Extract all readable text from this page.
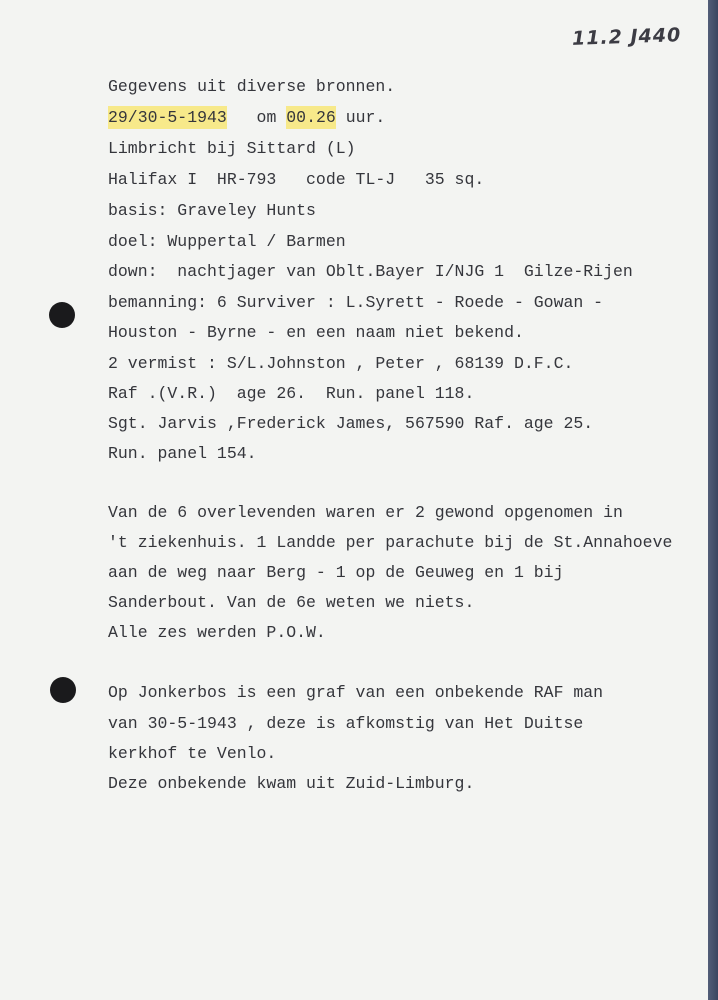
11.2 J440
Gegevens uit diverse bronnen.
29/30-5-1943 om 00.26 uur.
Limbricht bij Sittard (L)
Halifax I  HR-793   code TL-J   35 sq.
basis: Graveley Hunts
doel: Wuppertal / Barmen
down:  nachtjager van Oblt.Bayer I/NJG 1  Gilze-Rijen
bemanning: 6 Surviver : L.Syrett - Roede - Gowan -
Houston - Byrne - en een naam niet bekend.
2 vermist : S/L.Johnston , Peter , 68139 D.F.C.
Raf .(V.R.)  age 26.  Run. panel 118.
Sgt. Jarvis ,Frederick James, 567590 Raf. age 25.
Run. panel 154.
Van de 6 overlevenden waren er 2 gewond opgenomen in
't ziekenhuis. 1 Landde per parachute bij de St.Annahoeve
aan de weg naar Berg - 1 op de Geuweg en 1 bij
Sanderbout. Van de 6e weten we niets.
Alle zes werden P.O.W.
Op Jonkerbos is een graf van een onbekende RAF man
van 30-5-1943 , deze is afkomstig van Het Duitse
kerkhof te Venlo.
Deze onbekende kwam uit Zuid-Limburg.
